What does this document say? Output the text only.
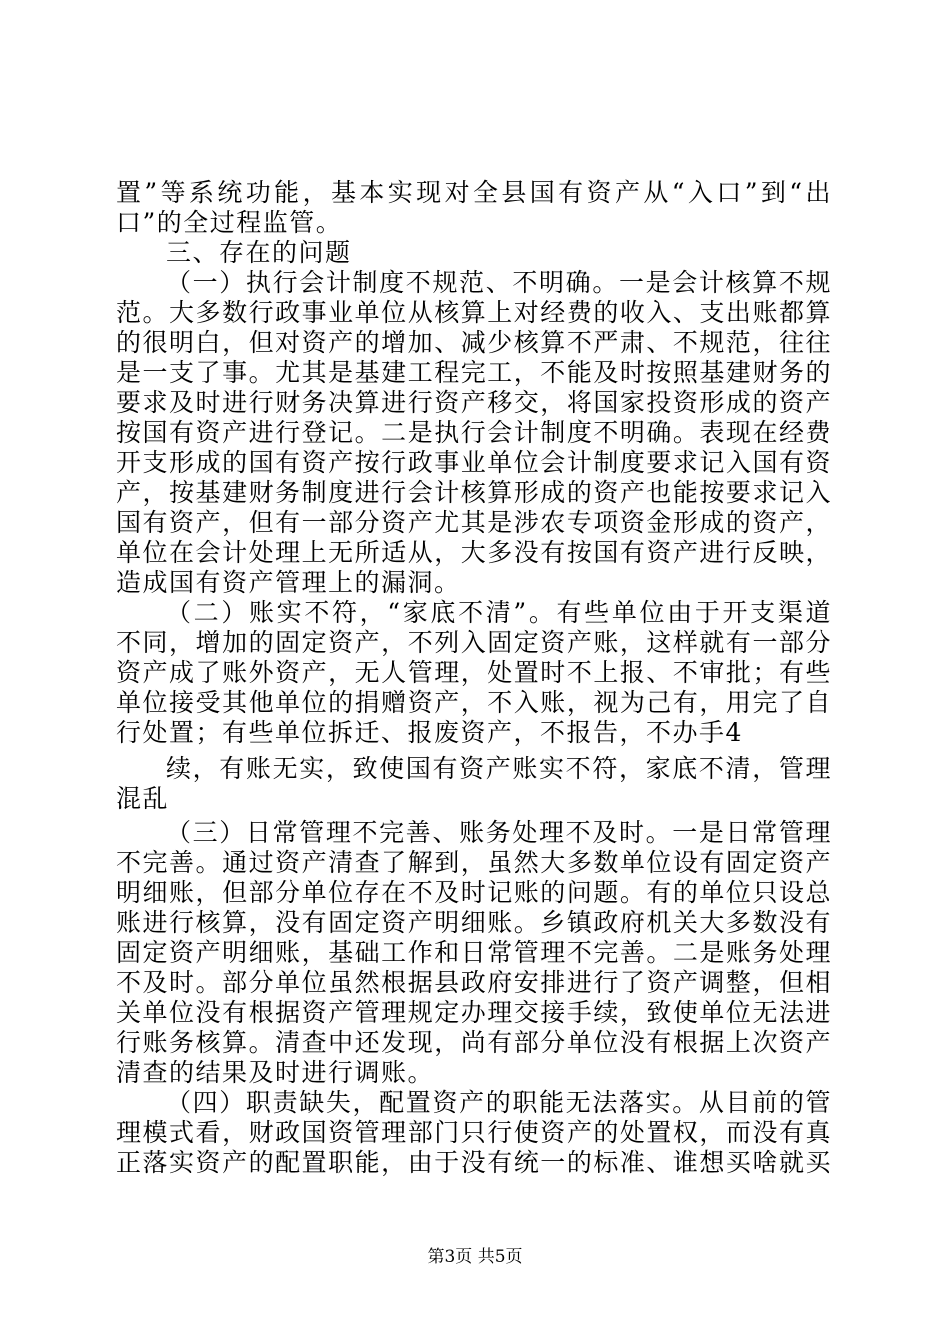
置”等系统功能，基本实现对全县国有资产从“入口”到“出
口”的全过程监管。
三、存在的问题
（一）执行会计制度不规范、不明确。一是会计核算不规
范。大多数行政事业单位从核算上对经费的收入、支出账都算
的很明白，但对资产的增加、减少核算不严肃、不规范，往往
是一支了事。尤其是基建工程完工，不能及时按照基建财务的
要求及时进行财务决算进行资产移交，将国家投资形成的资产
按国有资产进行登记。二是执行会计制度不明确。表现在经费
开支形成的国有资产按行政事业单位会计制度要求记入国有资
产，按基建财务制度进行会计核算形成的资产也能按要求记入
国有资产，但有一部分资产尤其是涉农专项资金形成的资产，
单位在会计处理上无所适从，大多没有按国有资产进行反映，
造成国有资产管理上的漏洞。
（二）账实不符，“家底不清”。有些单位由于开支渠道
不同，增加的固定资产，不列入固定资产账，这样就有一部分
资产成了账外资产，无人管理，处置时不上报、不审批；有些
单位接受其他单位的捐赠资产，不入账，视为己有，用完了自
行处置；有些单位拆迁、报废资产，不报告，不办手4
续，有账无实，致使国有资产账实不符，家底不清，管理
混乱
（三）日常管理不完善、账务处理不及时。一是日常管理
不完善。通过资产清查了解到，虽然大多数单位设有固定资产
明细账，但部分单位存在不及时记账的问题。有的单位只设总
账进行核算，没有固定资产明细账。乡镇政府机关大多数没有
固定资产明细账，基础工作和日常管理不完善。二是账务处理
不及时。部分单位虽然根据县政府安排进行了资产调整，但相
关单位没有根据资产管理规定办理交接手续，致使单位无法进
行账务核算。清查中还发现，尚有部分单位没有根据上次资产
清查的结果及时进行调账。
（四）职责缺失，配置资产的职能无法落实。从目前的管
理模式看，财政国资管理部门只行使资产的处置权，而没有真
正落实资产的配置职能，由于没有统一的标准、谁想买啥就买
第3页 共5页
